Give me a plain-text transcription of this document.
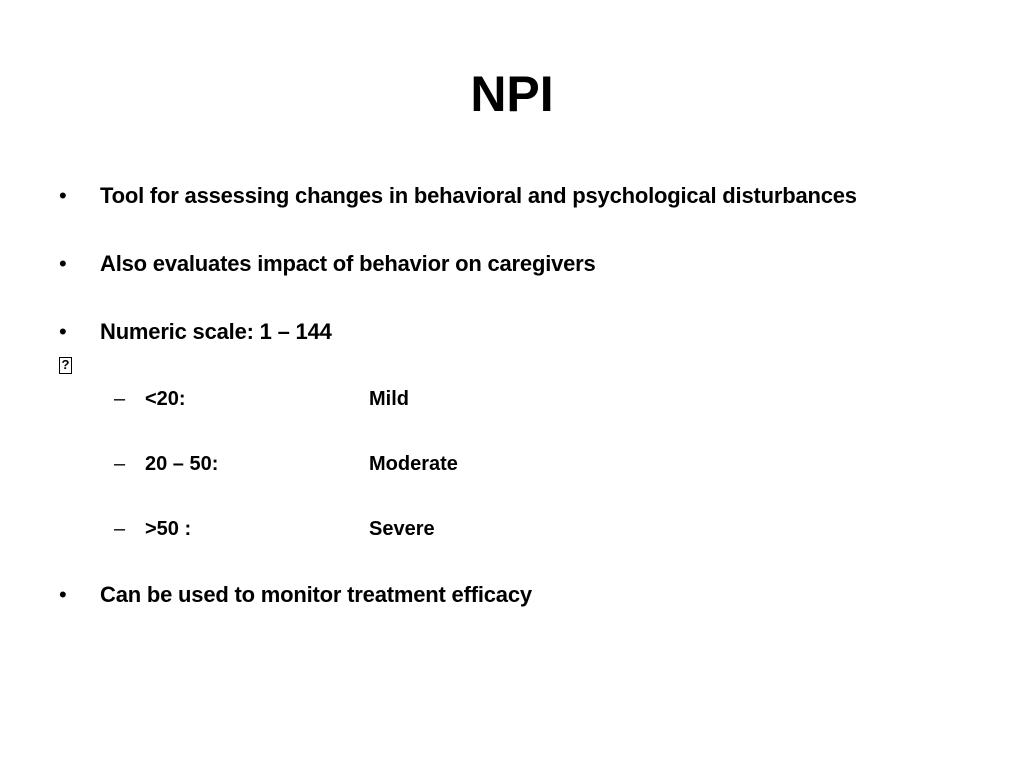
NPI
• Tool for assessing changes in behavioral and psychological disturbances
• Also evaluates impact of behavior on caregivers
• Numeric scale: 1 – 144
?
– <20:	Mild
– 20 – 50:	Moderate
– >50 :	Severe
• Can be used to monitor treatment efficacy
